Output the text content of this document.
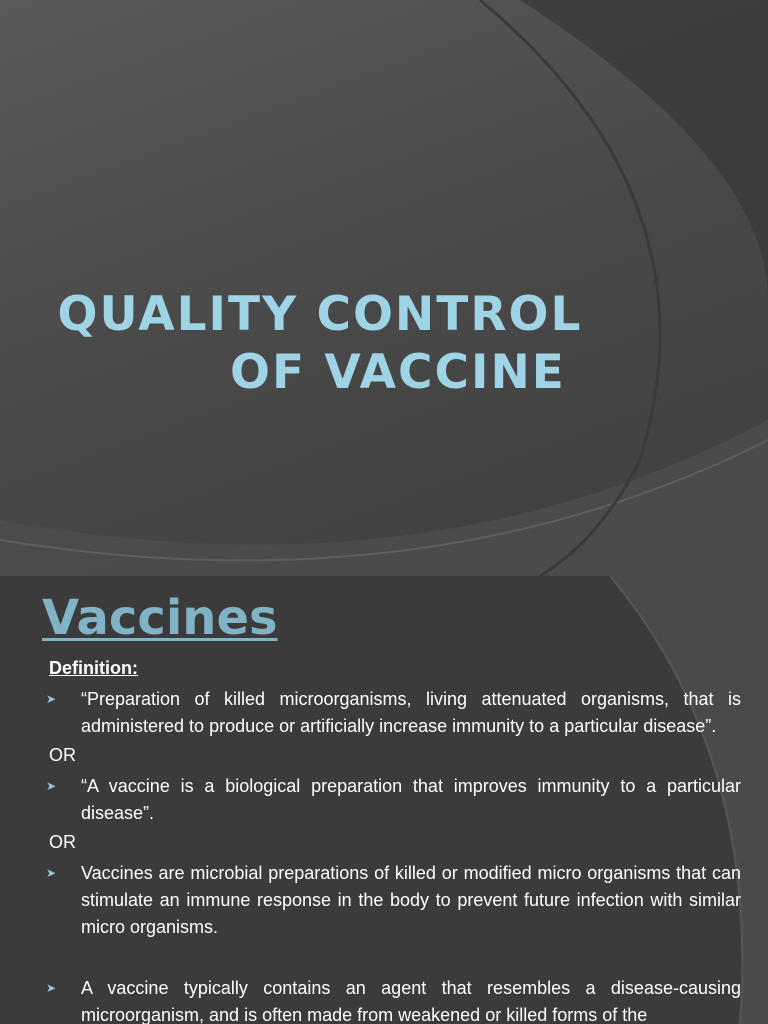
QUALITY CONTROL
OF VACCINE
Vaccines
Definition:
➤ “Preparation of killed microorganisms, living attenuated organisms, that is administered to produce or artificially increase immunity to a particular disease”.
OR
➤ “A vaccine is a biological preparation that improves immunity to a particular disease”.
OR
➤ Vaccines are microbial preparations of killed or modified micro organisms that can stimulate an immune response in the body to prevent future infection with similar micro organisms.
➤ A vaccine typically contains an agent that resembles a disease-causing microorganism, and is often made from weakened or killed forms of the
